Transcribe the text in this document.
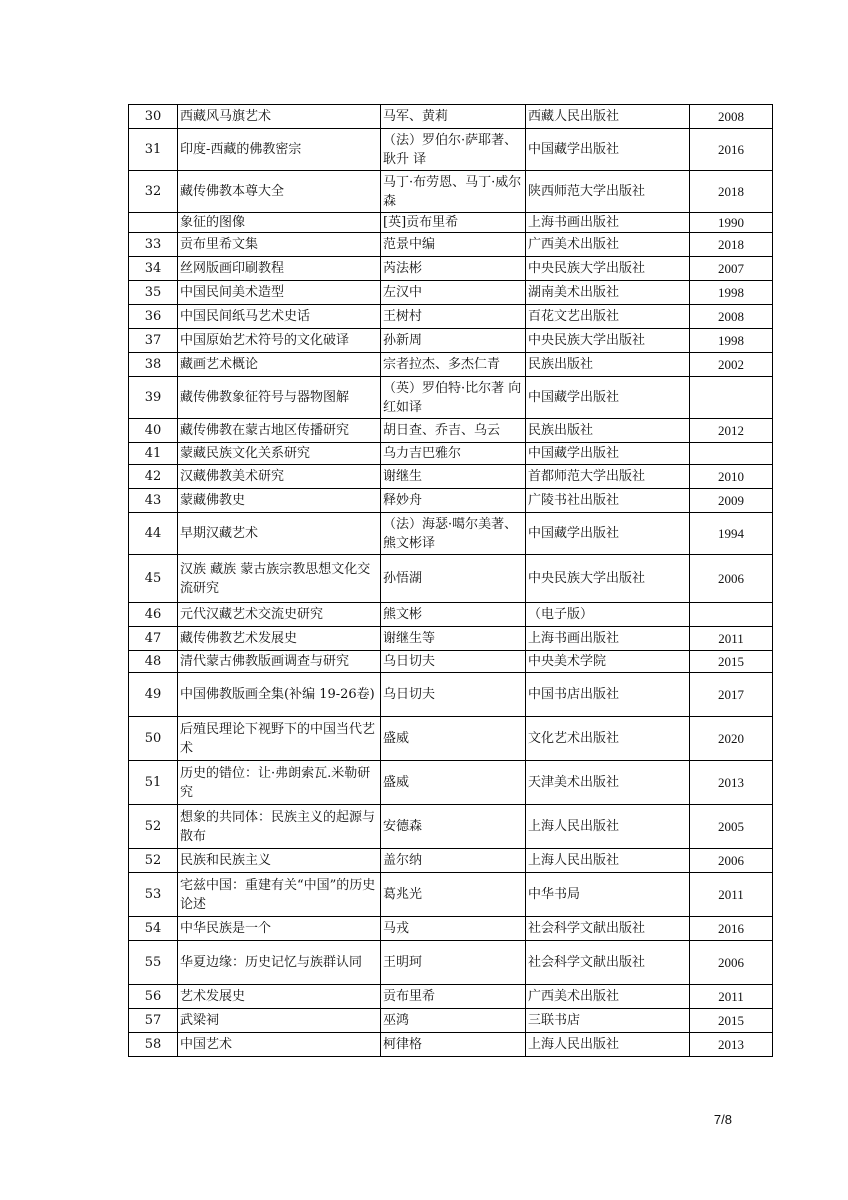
30	西藏风马旗艺术	马军、黄莉	西藏人民出版社	2008
31	印度-西藏的佛教密宗	（法）罗伯尔·萨耶著、耿升 译	中国藏学出版社	2016
32	藏传佛教本尊大全	马丁·布劳恩、马丁·威尔森	陕西师范大学出版社	2018
	象征的图像	[英]贡布里希	上海书画出版社	1990
33	贡布里希文集	范景中编	广西美术出版社	2018
34	丝网版画印刷教程	芮法彬	中央民族大学出版社	2007
35	中国民间美术造型	左汉中	湖南美术出版社	1998
36	中国民间纸马艺术史话	王树村	百花文艺出版社	2008
37	中国原始艺术符号的文化破译	孙新周	中央民族大学出版社	1998
38	藏画艺术概论	宗者拉杰、多杰仁青	民族出版社	2002
39	藏传佛教象征符号与器物图解	（英）罗伯特·比尔著 向红如译	中国藏学出版社	
40	藏传佛教在蒙古地区传播研究	胡日查、乔吉、乌云	民族出版社	2012
41	蒙藏民族文化关系研究	乌力吉巴雅尔	中国藏学出版社	
42	汉藏佛教美术研究	谢继生	首都师范大学出版社	2010
43	蒙藏佛教史	释妙舟	广陵书社出版社	2009
44	早期汉藏艺术	（法）海瑟·噶尔美著、熊文彬译	中国藏学出版社	1994
45	汉族 藏族 蒙古族宗教思想文化交流研究	孙悟湖	中央民族大学出版社	2006
46	元代汉藏艺术交流史研究	熊文彬	（电子版）	
47	藏传佛教艺术发展史	谢继生等	上海书画出版社	2011
48	清代蒙古佛教版画调查与研究	乌日切夫	中央美术学院	2015
49	中国佛教版画全集(补编 19-26卷)	乌日切夫	中国书店出版社	2017
50	后殖民理论下视野下的中国当代艺术	盛威	文化艺术出版社	2020
51	历史的错位：让·弗朗索瓦.米勒研究	盛威	天津美术出版社	2013
52	想象的共同体：民族主义的起源与散布	安德森	上海人民出版社	2005
52	民族和民族主义	盖尔纳	上海人民出版社	2006
53	宅兹中国：重建有关“中国”的历史论述	葛兆光	中华书局	2011
54	中华民族是一个	马戎	社会科学文献出版社	2016
55	华夏边缘：历史记忆与族群认同	王明珂	社会科学文献出版社	2006
56	艺术发展史	贡布里希	广西美术出版社	2011
57	武梁祠	巫鸿	三联书店	2015
58	中国艺术	柯律格	上海人民出版社	2013
7/8
